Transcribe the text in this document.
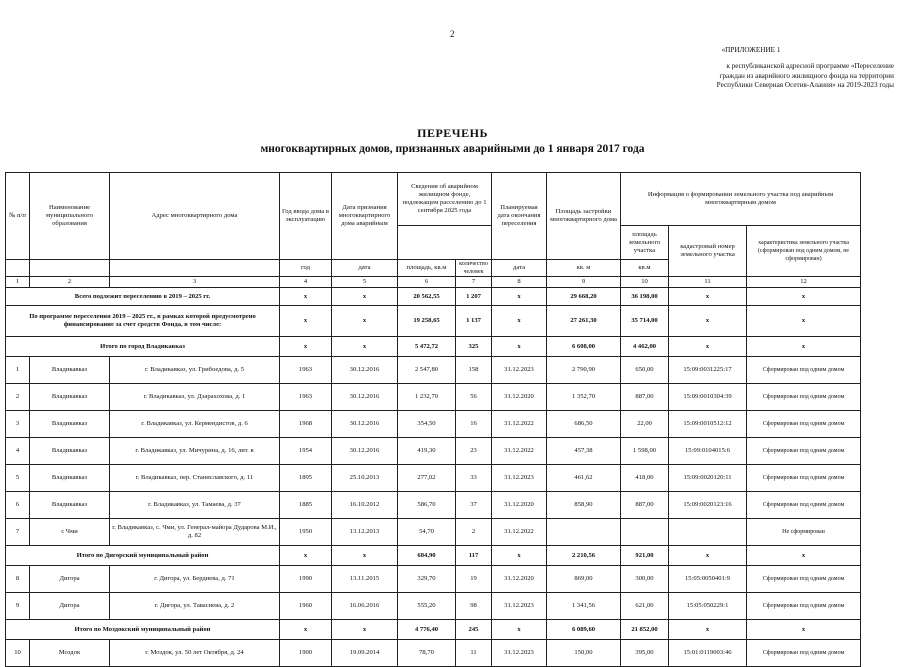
2
«ПРИЛОЖЕНИЕ 1
к республиканской адресной программе «Переселение
граждан из аварийного жилищного фонда на территории
Республики Северная Осетия-Алания» на 2019-2023 годы
ПЕРЕЧЕНЬ
многоквартирных домов, признанных аварийными до 1 января 2017 года
№ п/п	Наименование муниципального образования	Адрес многоквартирного дома	Год ввода дома в эксплуатацию	Дата признания многоквартирного дома аварийным	Сведения об аварийном жилищном фонде, подлежащем расселению до 1 сентября 2025 года		Планируемая дата окончания переселения	Площадь застройки многоквартирного дома	Информация о формировании земельного участка под аварийным многоквартирным домом		
									площадь земельного участка	кадастровый номер земельного участка	характеристика земельного участка (сформирован под одним домом, не сформирован)
			год	дата	площадь, кв.м	количество человек	дата	кв. м	кв.м		
1	2	3	4	5	6	7	8	9	10	11	12
Всего подлежит переселению в 2019 – 2025 гг.			x	x	20 562,55	1 207	x	29 668,20	36 198,00	x	x
По программе переселения 2019 – 2025 гг., в рамках которой предусмотрено финансирование за счет средств Фонда, в том числе:			x	x	19 258,65	1 137	x	27 261,30	35 714,00	x	x
Итого по город Владикавказ			x	x	5 472,72	325	x	6 608,00	4 462,00	x	x
1	Владикавказ	г. Владикавказ, ул. Грибоедова, д. 5	1963	30.12.2016	2 547,80	158	31.12.2023	2 790,90	650,00	15:09:0031225:17	Сформирован под одним домом
2	Владикавказ	г. Владикавказ, ул. Дзарахохова, д. 1	1963	30.12.2016	1 232,70	56	31.12.2020	1 352,70	887,00	15:09:0010304:39	Сформирован под одним домом
3	Владикавказ	г. Владикавказ, ул. Кермендистов, д. 6	1968	30.12.2016	354,50	16	31.12.2022	686,50	22,00	15:09:0010512:12	Сформирован под одним домом
4	Владикавказ	г. Владикавказ, ул. Мичурина, д. 16, лит. в	1954	30.12.2016	419,30	23	31.12.2022	457,38	1 598,00	15:09:0104015:6	Сформирован под одним домом
5	Владикавказ	г. Владикавказ, пер. Станиславского, д. 11	1895	25.10.2013	277,02	33	31.12.2023	461,62	418,00	15:09:0020120:11	Сформирован под одним домом
6	Владикавказ	г. Владикавказ, ул. Тамаева, д. 37	1885	16.10.2012	586,70	37	31.12.2020	858,90	887,00	15:09:0020123:16	Сформирован под одним домом
7	с Чми	г. Владикавказ, с. Чми, ул. Генерал-майора Дударова М.И., д. 82	1950	13.12.2013	54,70	2	31.12.2022				Не сформирован
Итого по Дигорский муниципальный район			x	x	684,90	117	x	2 210,56	921,00	x	x
8	Дигора	г. Дигора, ул. Бердиева, д. 71	1990	13.11.2015	329,70	19	31.12.2020	869,00	300,00	15:05:0050401:9	Сформирован под одним домом
9	Дигора	г. Дигора, ул. Тавасиева, д. 2	1960	16.06.2016	555,20	98	31.12.2023	1 341,56	621,00	15:05:050229:1	Сформирован под одним домом
Итого по Моздокский муниципальный район			x	x	4 776,40	245	x	6 089,60	21 852,00	x	x
10	Моздок	г. Моздок, ул. 50 лет Октября, д. 24	1900	19.09.2014	78,70	11	31.12.2023	150,00	395,00	15:01:0119003:46	Сформирован под одним домом
